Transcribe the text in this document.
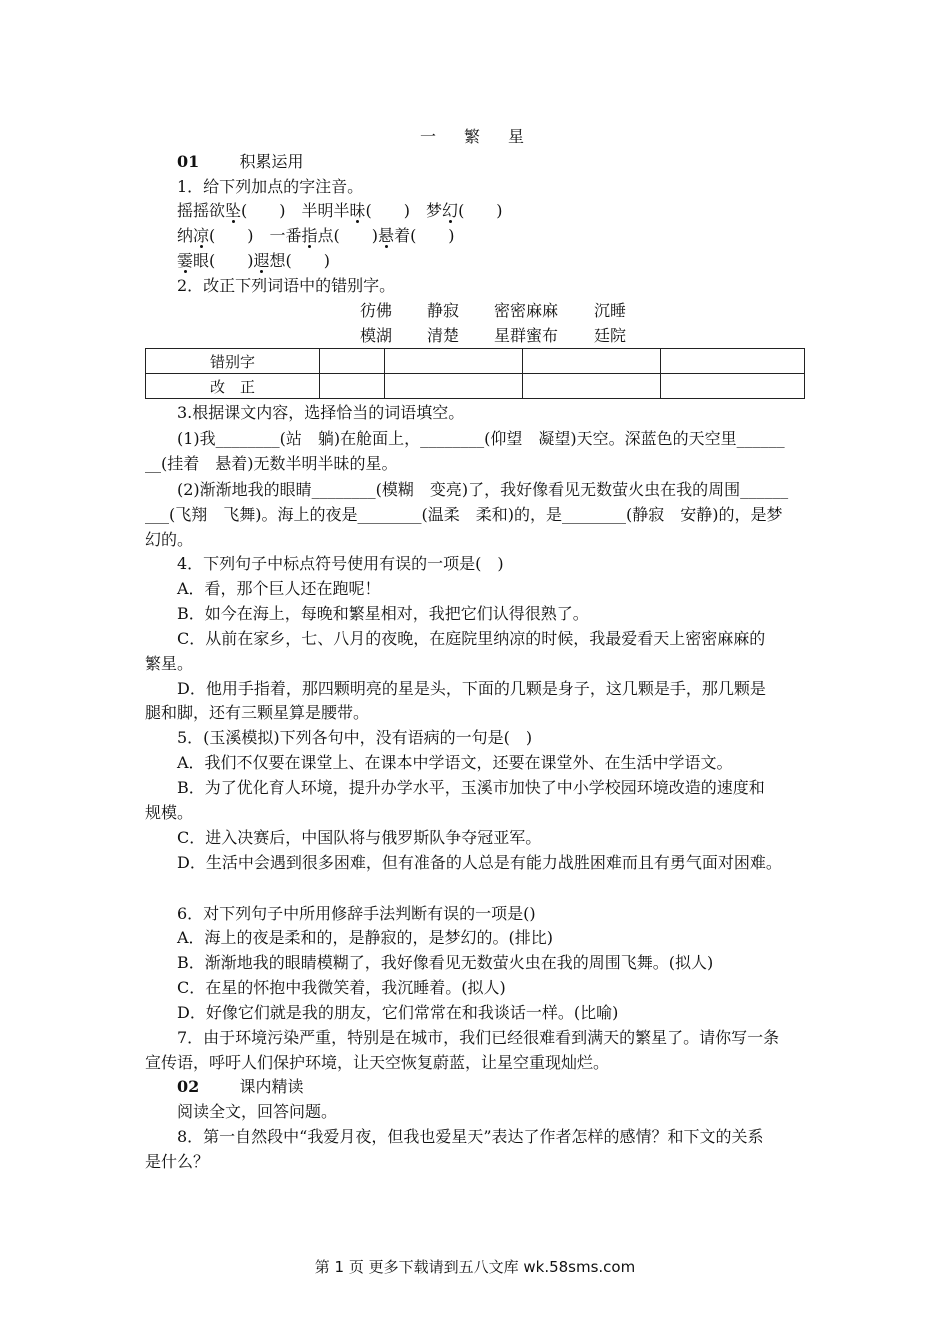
一　繁　星
01	积累运用
1．给下列加点的字注音。
摇摇欲坠(　　)　半明半昧(　　)　梦幻(　　)
纳凉(　　)　一番指点(　　)悬着(　　)
霎眼(　　)遐想(　　)
2．改正下列词语中的错别字。
彷佛 静寂 密密麻麻 沉睡
模湖 清楚 星群蜜布 廷院
错别字				
改　正				
3.根据课文内容，选择恰当的词语填空。
(1)我________(站　躺)在舱面上，________(仰望　凝望)天空。深蓝色的天空里______
__(挂着　悬着)无数半明半昧的星。
(2)渐渐地我的眼睛________(模糊　变亮)了，我好像看见无数萤火虫在我的周围______
___(飞翔　飞舞)。海上的夜是________(温柔　柔和)的，是________(静寂　安静)的，是梦
幻的。
4．下列句子中标点符号使用有误的一项是(　)
A．看，那个巨人还在跑呢！
B．如今在海上，每晚和繁星相对，我把它们认得很熟了。
C．从前在家乡，七、八月的夜晚，在庭院里纳凉的时候，我最爱看天上密密麻麻的
繁星。
D．他用手指着，那四颗明亮的星是头，下面的几颗是身子，这几颗是手，那几颗是
腿和脚，还有三颗星算是腰带。
5．(玉溪模拟)下列各句中，没有语病的一句是(　)
A．我们不仅要在课堂上、在课本中学语文，还要在课堂外、在生活中学语文。
B．为了优化育人环境，提升办学水平，玉溪市加快了中小学校园环境改造的速度和
规模。
C．进入决赛后，中国队将与俄罗斯队争夺冠亚军。
D．生活中会遇到很多困难，但有准备的人总是有能力战胜困难而且有勇气面对困难。
6．对下列句子中所用修辞手法判断有误的一项是()
A．海上的夜是柔和的，是静寂的，是梦幻的。(排比)
B．渐渐地我的眼睛模糊了，我好像看见无数萤火虫在我的周围飞舞。(拟人)
C．在星的怀抱中我微笑着，我沉睡着。(拟人)
D．好像它们就是我的朋友，它们常常在和我谈话一样。(比喻)
7．由于环境污染严重，特别是在城市，我们已经很难看到满天的繁星了。请你写一条
宣传语，呼吁人们保护环境，让天空恢复蔚蓝，让星空重现灿烂。
02	课内精读
阅读全文，回答问题。
8．第一自然段中“我爱月夜，但我也爱星天”表达了作者怎样的感情？和下文的关系
是什么？
第 1 页 更多下载请到五八文库 wk.58sms.com
